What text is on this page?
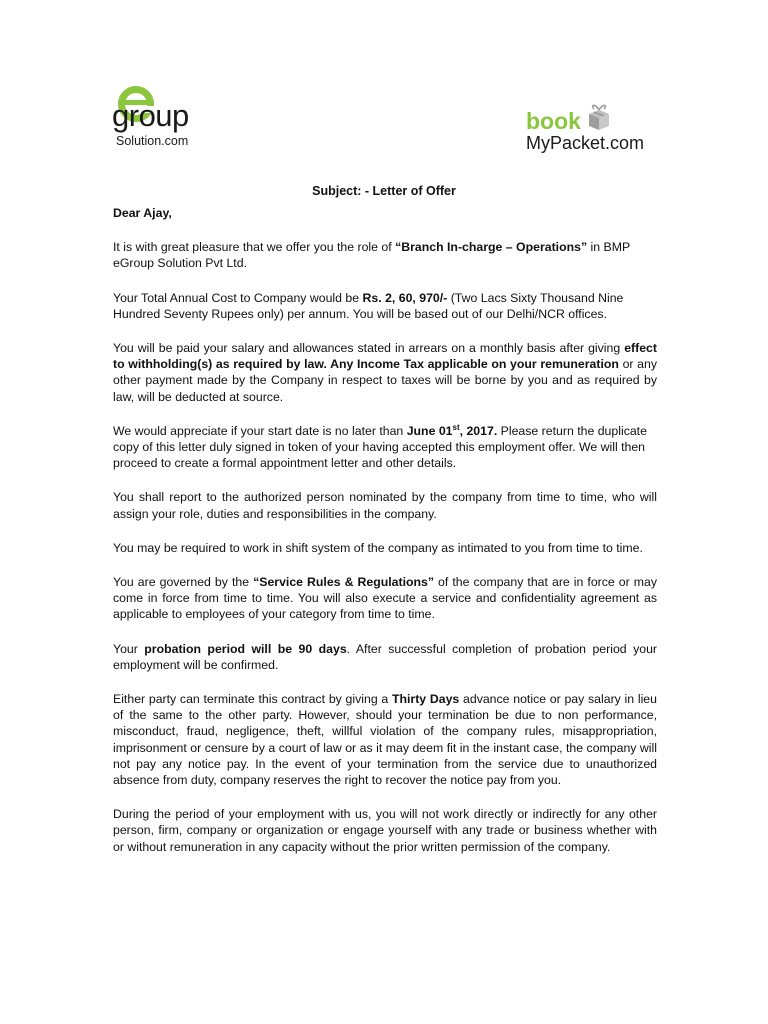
group
Solution.com
book
MyPacket.com
Subject: - Letter of Offer

Dear Ajay,

It is with great pleasure that we offer you the role of “Branch In-charge – Operations” in BMP eGroup Solution Pvt Ltd.

Your Total Annual Cost to Company would be Rs. 2, 60, 970/- (Two Lacs Sixty Thousand Nine Hundred Seventy Rupees only) per annum. You will be based out of our Delhi/NCR offices.

You will be paid your salary and allowances stated in arrears on a monthly basis after giving effect to withholding(s) as required by law. Any Income Tax applicable on your remuneration or any other payment made by the Company in respect to taxes will be borne by you and as required by law, will be deducted at source.

We would appreciate if your start date is no later than June 01st, 2017. Please return the duplicate copy of this letter duly signed in token of your having accepted this employment offer. We will then proceed to create a formal appointment letter and other details.

You shall report to the authorized person nominated by the company from time to time, who will assign your role, duties and responsibilities in the company.

You may be required to work in shift system of the company as intimated to you from time to time.

You are governed by the “Service Rules & Regulations” of the company that are in force or may come in force from time to time. You will also execute a service and confidentiality agreement as applicable to employees of your category from time to time.

Your probation period will be 90 days. After successful completion of probation period your employment will be confirmed.

Either party can terminate this contract by giving a Thirty Days advance notice or pay salary in lieu of the same to the other party. However, should your termination be due to non performance, misconduct, fraud, negligence, theft, willful violation of the company rules, misappropriation, imprisonment or censure by a court of law or as it may deem fit in the instant case, the company will not pay any notice pay. In the event of your termination from the service due to unauthorized absence from duty, company reserves the right to recover the notice pay from you.

During the period of your employment with us, you will not work directly or indirectly for any other person, firm, company or organization or engage yourself with any trade or business whether with or without remuneration in any capacity without the prior written permission of the company.
